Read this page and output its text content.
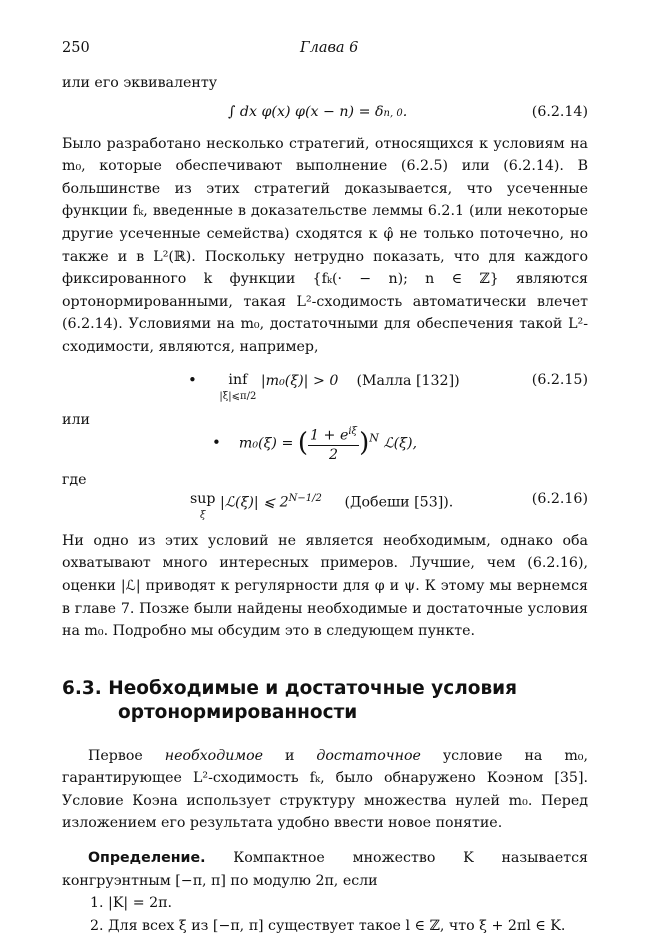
250	Глава 6

или его эквиваленту

∫ dx φ(x) φ(x − n) = δn, 0.	(6.2.14)

Было разработано несколько стратегий, относящихся к условиям на m₀, которые обеспечивают выполнение (6.2.5) или (6.2.14). В большинстве из этих стратегий доказывается, что усеченные функции fₖ, введенные в доказательстве леммы 6.2.1 (или некоторые другие усеченные семейства) сходятся к φ̂ не только поточечно, но также и в L²(ℝ). Поскольку нетрудно показать, что для каждого фиксированного k функции {fₖ(· − n); n ∈ ℤ} являются ортонормированными, такая L²-сходимость автоматически влечет (6.2.14). Условиями на m₀, достаточными для обеспечения такой L²-сходимости, являются, например,

• inf
|ξ|⩽π/2
|m₀(ξ)| > 0 (Малла [132])	(6.2.15)

или

• m₀(ξ) = ( $\frac{1 + e^{i\xi}}{2} )^N$ ℒ(ξ),

где

sup
ξ
|ℒ(ξ)| ⩽ $2^{N-1/2}$ (Добеши [53]).	(6.2.16)

Ни одно из этих условий не является необходимым, однако оба охватывают много интересных примеров. Лучшие, чем (6.2.16), оценки |ℒ| приводят к регулярности для φ и ψ. К этому мы вернемся в главе 7. Позже были найдены необходимые и достаточные условия на m₀. Подробно мы обсудим это в следующем пункте.

6.3. Необходимые и достаточные условия
ортонормированности

Первое необходимое и достаточное условие на m₀, гарантирующее L²-сходимость fₖ, было обнаружено Коэном [35]. Условие Коэна использует структуру множества нулей m₀. Перед изложением его результата удобно ввести новое понятие.

Определение. Компактное множество K называется конгруэнтным [−π, π] по модулю 2π, если

1. |K| = 2π.

2. Для всех ξ из [−π, π] существует такое l ∈ ℤ, что ξ + 2πl ∈ K.
